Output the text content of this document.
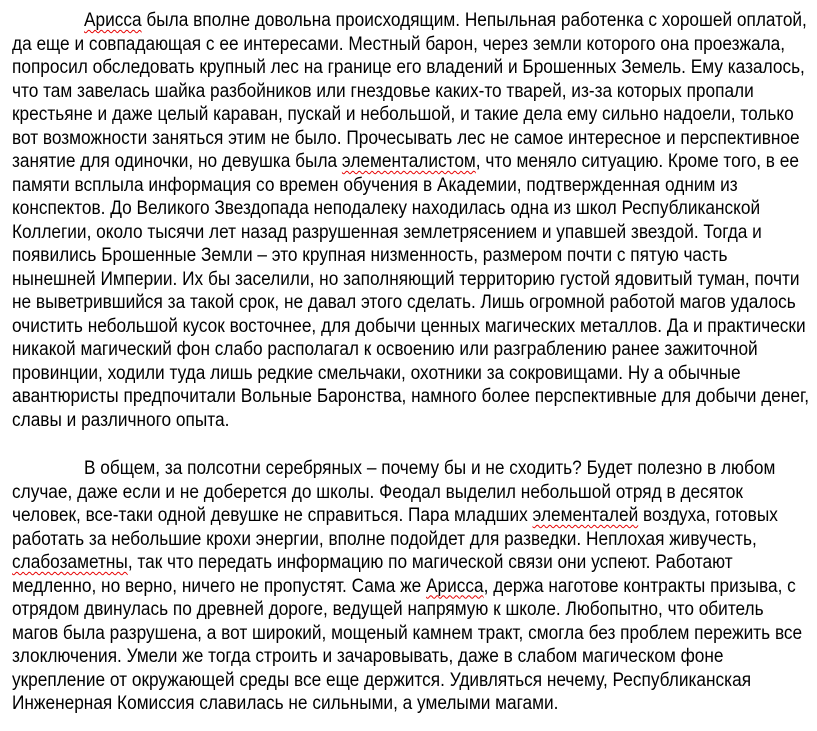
Арисса была вполне довольна происходящим. Непыльная работенка с хорошей оплатой,
да еще и совпадающая с ее интересами. Местный барон, через земли которого она проезжала,
попросил обследовать крупный лес на границе его владений и Брошенных Земель. Ему казалось,
что там завелась шайка разбойников или гнездовье каких-то тварей, из-за которых пропали
крестьяне и даже целый караван, пускай и небольшой, и такие дела ему сильно надоели, только
вот возможности заняться этим не было. Прочесывать лес не самое интересное и перспективное
занятие для одиночки, но девушка была элементалистом, что меняло ситуацию. Кроме того, в ее
памяти всплыла информация со времен обучения в Академии, подтвержденная одним из
конспектов. До Великого Звездопада неподалеку находилась одна из школ Республиканской
Коллегии, около тысячи лет назад разрушенная землетрясением и упавшей звездой. Тогда и
появились Брошенные Земли – это крупная низменность, размером почти с пятую часть
нынешней Империи. Их бы заселили, но заполняющий территорию густой ядовитый туман, почти
не выветрившийся за такой срок, не давал этого сделать. Лишь огромной работой магов удалось
очистить небольшой кусок восточнее, для добычи ценных магических металлов. Да и практически
никакой магический фон слабо располагал к освоению или разграблению ранее зажиточной
провинции, ходили туда лишь редкие смельчаки, охотники за сокровищами. Ну а обычные
авантюристы предпочитали Вольные Баронства, намного более перспективные для добычи денег,
славы и различного опыта.
В общем, за полсотни серебряных – почему бы и не сходить? Будет полезно в любом
случае, даже если и не доберется до школы. Феодал выделил небольшой отряд в десяток
человек, все-таки одной девушке не справиться. Пара младших элементалей воздуха, готовых
работать за небольшие крохи энергии, вполне подойдет для разведки. Неплохая живучесть,
слабозаметны, так что передать информацию по магической связи они успеют. Работают
медленно, но верно, ничего не пропустят. Сама же Арисса, держа наготове контракты призыва, с
отрядом двинулась по древней дороге, ведущей напрямую к школе. Любопытно, что обитель
магов была разрушена, а вот широкий, мощеный камнем тракт, смогла без проблем пережить все
злоключения. Умели же тогда строить и зачаровывать, даже в слабом магическом фоне
укрепление от окружающей среды все еще держится. Удивляться нечему, Республиканская
Инженерная Комиссия славилась не сильными, а умелыми магами.
